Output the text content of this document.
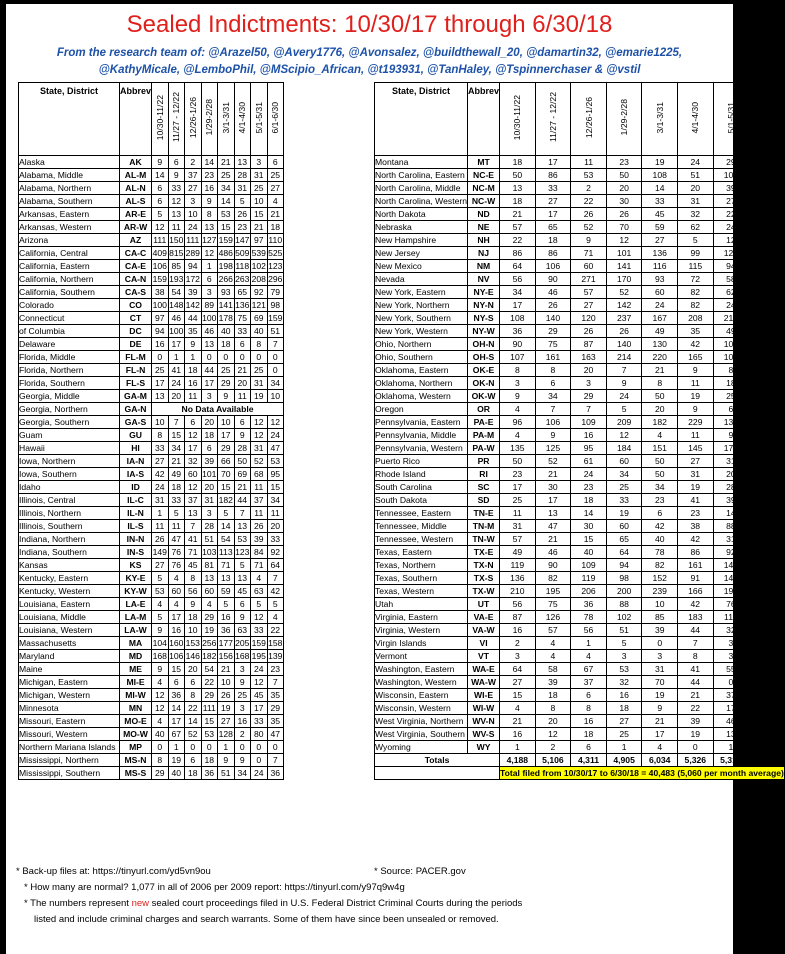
Sealed Indictments: 10/30/17 through 6/30/18
From the research team of: @Arazel50, @Avery1776, @Avonsalez, @buildthewall_20, @damartin32, @emarie1225,
@KathyMicale, @LemboPhil, @MScipio_African, @t193931, @TanHaley, @Tspinnerchaser & @vstil
State, District	Abbrev	10/30-11/22	11/27 - 12/22	12/26-1/26	1/29-2/28	3/1-3/31	4/1-4/30	5/1-5/31	6/1-6/30
Alaska	AK	9	6	2	14	21	13	3	6
Alabama, Middle	AL-M	14	9	37	23	25	28	31	25
Alabama, Northern	AL-N	6	33	27	16	34	31	25	27
Alabama, Southern	AL-S	6	12	3	9	14	5	10	4
Arkansas, Eastern	AR-E	5	13	10	8	53	26	15	21
Arkansas, Western	AR-W	12	11	24	13	15	23	21	18
Arizona	AZ	111	150	111	127	159	147	97	110
California, Central	CA-C	409	815	289	12	486	509	539	525
California, Eastern	CA-E	106	85	94	1	198	118	102	123
California, Northern	CA-N	159	193	172	6	266	263	208	296
California, Southern	CA-S	38	54	39	3	93	65	92	79
Colorado	CO	100	148	142	89	141	136	121	98
Connecticut	CT	97	46	44	100	178	75	69	159
of Columbia	DC	94	100	35	46	40	33	40	51
Delaware	DE	16	17	9	13	18	6	8	7
Florida, Middle	FL-M	0	1	1	0	0	0	0	0
Florida, Northern	FL-N	25	41	18	44	25	21	25	0
Florida, Southern	FL-S	17	24	16	17	29	20	31	34
Georgia, Middle	GA-M	13	20	11	3	9	11	19	10
Georgia, Northern	GA-N	No Data Available							
Georgia, Southern	GA-S	10	7	6	20	10	6	12	12
Guam	GU	8	15	12	18	17	9	12	24
Hawaii	HI	33	34	17	6	29	28	31	47
Iowa, Northern	IA-N	27	21	32	39	66	50	52	53
Iowa, Southern	IA-S	42	49	60	101	70	69	68	95
Idaho	ID	24	18	12	20	15	21	11	15
Illinois, Central	IL-C	31	33	37	31	182	44	37	34
Illinois, Northern	IL-N	1	5	13	3	5	7	11	11
Illinois, Southern	IL-S	11	11	7	28	14	13	26	20
Indiana, Northern	IN-N	26	47	41	51	54	53	39	33
Indiana, Southern	IN-S	149	76	71	103	113	123	84	92
Kansas	KS	27	76	45	81	71	5	71	64
Kentucky, Eastern	KY-E	5	4	8	13	13	13	4	7
Kentucky, Western	KY-W	53	60	56	60	59	45	63	42
Louisiana, Eastern	LA-E	4	4	9	4	5	6	5	5
Louisiana, Middle	LA-M	5	17	18	29	16	9	12	4
Louisiana, Western	LA-W	9	16	10	19	36	63	33	22
Massachusetts	MA	104	160	153	256	177	205	159	158
Maryland	MD	168	106	146	182	156	168	195	139
Maine	ME	9	15	20	54	21	3	24	23
Michigan, Eastern	MI-E	4	6	6	22	10	9	12	7
Michigan, Western	MI-W	12	36	8	29	26	25	45	35
Minnesota	MN	12	14	22	111	19	3	17	29
Missouri, Eastern	MO-E	4	17	14	15	27	16	33	35
Missouri, Western	MO-W	40	67	52	53	128	2	80	47
Northern Mariana Islands	MP	0	1	0	0	1	0	0	0
Mississippi, Northern	MS-N	8	19	6	18	9	9	0	7
Mississippi, Southern	MS-S	29	40	18	36	51	34	24	36
State, District	Abbrev	10/30-11/22	11/27 - 12/22	12/26-1/26	1/29-2/28	3/1-3/31	4/1-4/30	5/1-5/31	6/1-6/30
Montana	MT	18	17	11	23	19	24	29	17
North Carolina, Eastern	NC-E	50	86	53	50	108	51	106	59
North Carolina, Middle	NC-M	13	33	2	20	14	20	39	21
North Carolina, Western	NC-W	18	27	22	30	33	31	27	37
North Dakota	ND	21	17	26	26	45	32	22	29
Nebraska	NE	57	65	52	70	59	62	24	48
New Hampshire	NH	22	18	9	12	27	5	12	11
New Jersey	NJ	86	86	71	101	136	99	123	117
New Mexico	NM	64	106	60	141	116	115	94	110
Nevada	NV	56	90	271	170	93	72	58	98
New York, Eastern	NY-E	34	46	57	52	60	82	62	68
New York, Northern	NY-N	17	26	27	142	24	82	24	20
New York, Southern	NY-S	108	140	120	237	167	208	212	157
New York, Western	NY-W	36	29	26	26	49	35	49	18
Ohio, Northern	OH-N	90	75	87	140	130	42	102	106
Ohio, Southern	OH-S	107	161	163	214	220	165	107	167
Oklahoma, Eastern	OK-E	8	8	20	7	21	9	8	3
Oklahoma, Northern	OK-N	3	6	3	9	8	11	18	5
Oklahoma, Western	OK-W	9	34	29	24	50	19	25	13
Oregon	OR	4	7	7	5	20	9	6	21
Pennsylvania, Eastern	PA-E	96	106	109	209	182	229	139	189
Pennsylvania, Middle	PA-M	4	9	16	12	4	11	9	6
Pennsylvania, Western	PA-W	135	125	95	184	151	145	174	165
Puerto Rico	PR	50	52	61	60	50	27	31	0
Rhode Island	RI	23	21	24	34	50	31	20	25
South Carolina	SC	17	30	23	25	34	19	28	32
South Dakota	SD	25	17	18	33	23	41	39	24
Tennessee, Eastern	TN-E	11	13	14	19	6	23	14	31
Tennessee, Middle	TN-M	31	47	30	60	42	38	88	64
Tennessee, Western	TN-W	57	21	15	65	40	42	31	38
Texas, Eastern	TX-E	49	46	40	64	78	86	92	69
Texas, Northern	TX-N	119	90	109	94	82	161	149	126
Texas, Southern	TX-S	136	82	119	98	152	91	143	95
Texas, Western	TX-W	210	195	206	200	239	166	192	196
Utah	UT	56	75	36	88	10	42	76	61
Virginia, Eastern	VA-E	87	126	78	102	85	183	116	102
Virginia, Western	VA-W	16	57	56	51	39	44	32	27
Virgin Islands	VI	2	4	1	5	0	7	3	4
Vermont	VT	3	4	4	3	3	8	3	4
Washington, Eastern	WA-E	64	58	67	53	31	41	55	85
Washington, Western	WA-W	27	39	37	32	70	44	0	53
Wisconsin, Eastern	WI-E	15	18	6	16	19	21	37	26
Wisconsin, Western	WI-W	4	8	8	18	9	22	17	17
West Virginia, Northern	WV-N	21	20	16	27	21	39	46	24
West Virginia, Southern	WV-S	16	12	18	25	17	19	13	17
Wyoming	WY	1	2	6	1	4	0	1	2
Totals		4,188	5,106	4,311	4,905	6,034	5,326	5,318	5,295
		Total filed from 10/30/17 to 6/30/18 = 40,483 (5,060 per month average)							
* Back-up files at: https://tinyurl.com/yd5vn9ou	* Source: PACER.gov
* How many are normal? 1,077 in all of 2006 per 2009 report: https://tinyurl.com/y97q9w4g
* The numbers represent new sealed court proceedings filed in U.S. Federal District Criminal Courts during the periods
listed and include criminal charges and search warrants. Some of them have since been unsealed or removed.
